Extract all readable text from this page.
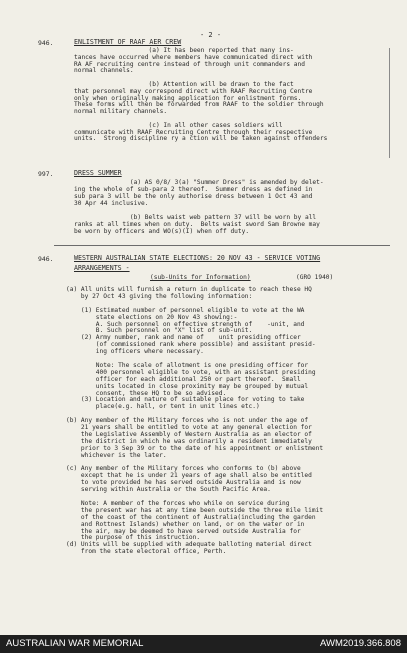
- 2 -
946.	ENLISTMENT OF RAAF AER CREW
(a) It has been reported that many ins-
tances have occurred where members have communicated direct with
RA AF recruiting centre instead of through unit commanders and
normal channels.
(b) Attention will be drawn to the fact
that personnel may correspond direct with RAAF Recruiting Centre
only when originally making application for enlistment forms.
These forms will then be forwarded from RAAF to the soldier through
normal military channels.
(c) In all other cases soldiers will
communicate with RAAF Recruiting Centre through their respective
units.  Strong discipline ry a ction will be taken against offenders
997.	DRESS SUMMER
(a) AS 0/8/ 3(a) "Summer Dress" is amended by delet-
ing the whole of sub-para 2 thereof.  Summer dress as defined in
sub para 3 will be the only authorise dress between 1 Oct 43 and
30 Apr 44 inclusive.
(b) Belts waist web pattern 37 will be worn by all
ranks at all times when on duty.  Belts waist sword Sam Browne may
be worn by officers and WO(s)(I) when off duty.
946.	WESTERN AUSTRALIAN STATE ELECTIONS: 20 NOV 43 - SERVICE VOTING
ARRANGEMENTS -
(sub-Units for Information)	(GRO 1940)
(a) All units will furnish a return in duplicate to reach these HQ
by 27 Oct 43 giving the following information:
(1) Estimated number of personnel eligible to vote at the WA
state elections on 20 Nov 43 showing:-
A. Such personnel on effective strength of    -unit, and
B. Such personnel on "X" list of sub-unit.
(2) Army number, rank and name of    unit presiding officer
(of commissioned rank where possible) and assistant presid-
ing officers where necessary.
Note: The scale of allotment is one presiding officer for
400 personnel eligible to vote, with an assistant presiding
officer for each additional 250 or part thereof.  Small
units located in close proximity may be grouped by mutual
consent, these HQ to be so advised.
(3) Location and nature of suitable place for voting to take
place(e.g. hall, or tent in unit lines etc.)
(b) Any member of the Military forces who is not under the age of
21 years shall be entitled to vote at any general election for
the Legislative Assembly of Western Australia as an elector of
the district in which he was ordinarily a resident immediately
prior to 3 Sep 39 or to the date of his appointment or enlistment
whichever is the later.
(c) Any member of the Military forces who conforms to (b) above
except that he is under 21 years of age shall also be entitled
to vote provided he has served outside Australia and is now
serving within Australia or the South Pacific Area.
Note: A member of the forces who while on service during
the present war has at any time been outside the three mile limit
of the coast of the continent of Australia(including the garden
and Rottnest Islands) whether on land, or on the water or in
the air, may be deemed to have served outside Australia for
the purpose of this instruction.
(d) Units will be supplied with adequate balloting material direct
from the state electoral office, Perth.
AUSTRALIAN WAR MEMORIAL	AWM2019.366.808
